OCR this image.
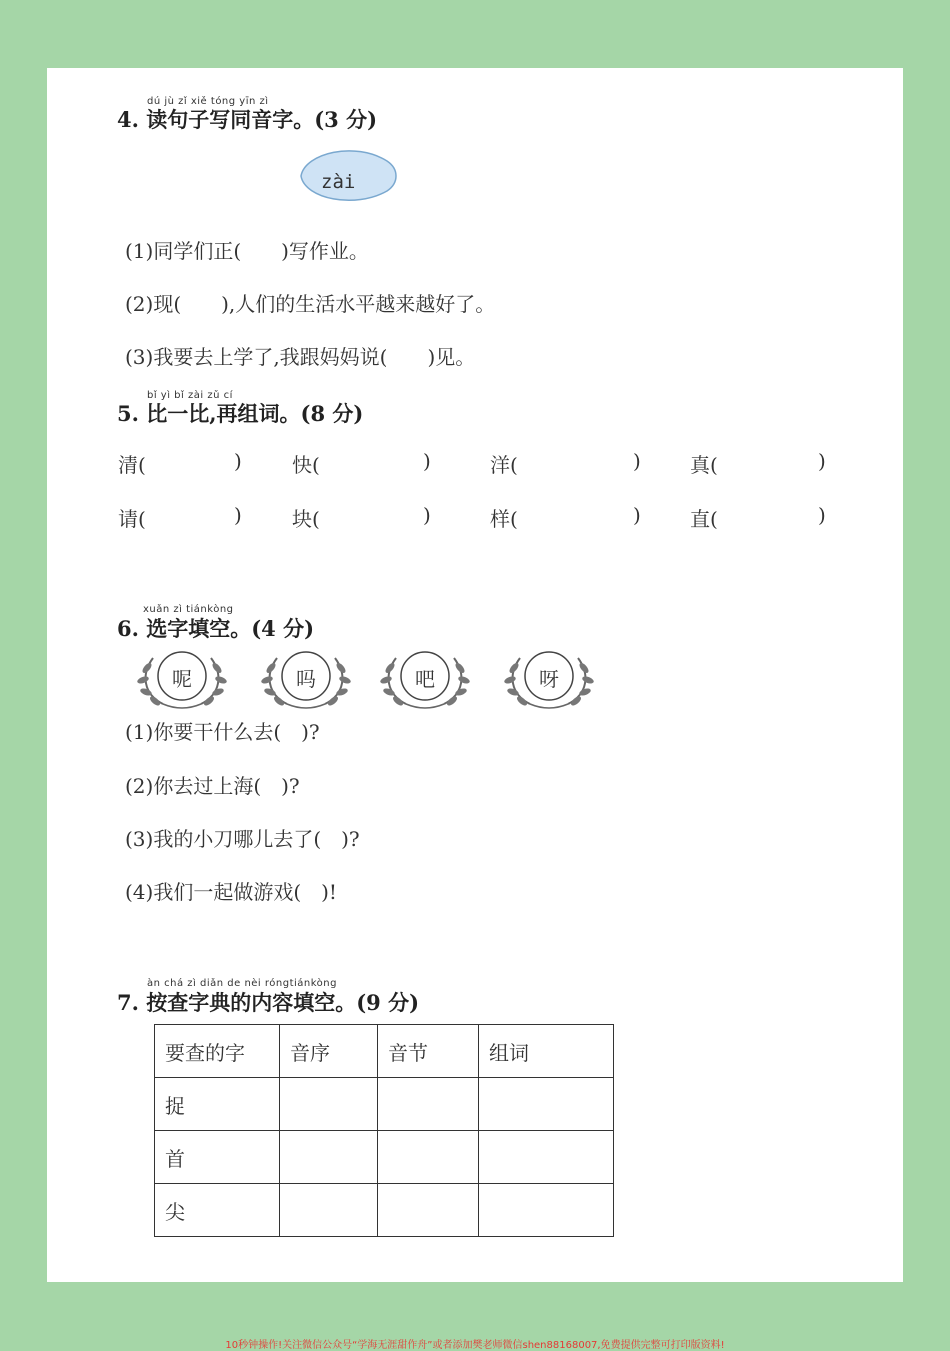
dú jù zǐ xiě tóng yīn zì
4. 读句子写同音字。(3 分)
zài
(1)同学们正(　　)写作业。
(2)现(　　),人们的生活水平越来越好了。
(3)我要去上学了,我跟妈妈说(　　)见。
bǐ yì bǐ zài zǔ cí
5. 比一比,再组词。(8 分)
清(	)	快(	)	洋(	) 真(	)
请(	)	块(	)	样(	) 直(	)
xuǎn zì tiánkòng
6. 选字填空。(4 分)
呢	吗	吧	呀
(1)你要干什么去(　)?
(2)你去过上海(　)?
(3)我的小刀哪儿去了(　)?
(4)我们一起做游戏(　)!
àn chá zì diǎn de nèi róngtiánkòng
7. 按查字典的内容填空。(9 分)
要查的字	音序	音节	组词
捉			
首			
尖			
10秒钟操作!关注微信公众号“学海无涯甜作舟”或者添加樊老师微信shen88168007,免费提供完整可打印版资料!
